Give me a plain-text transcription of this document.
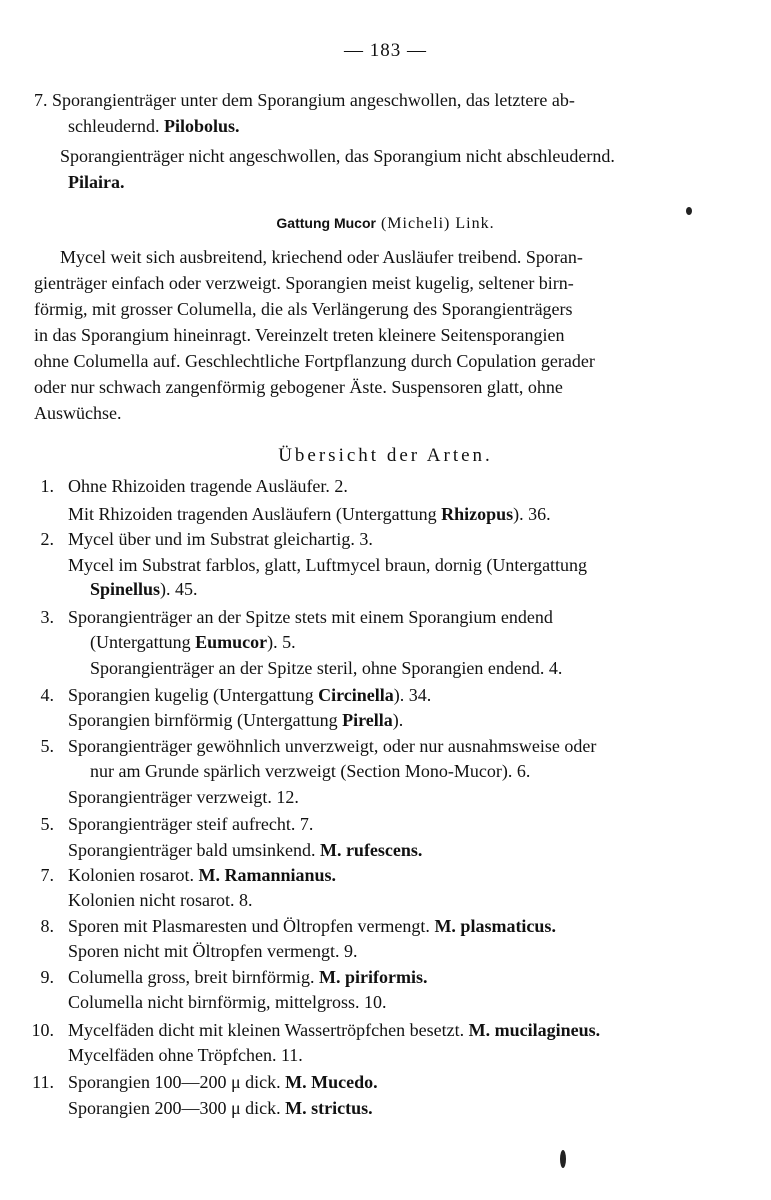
— 183 —
7. Sporangienträger unter dem Sporangium angeschwollen, das letztere ab-
schleudernd. Pilobolus.
Sporangienträger nicht angeschwollen, das Sporangium nicht abschleudernd.
Pilaira.
Gattung Mucor (Micheli) Link.
Mycel weit sich ausbreitend, kriechend oder Ausläufer treibend. Sporan-
gienträger einfach oder verzweigt. Sporangien meist kugelig, seltener birn-
förmig, mit grosser Columella, die als Verlängerung des Sporangienträgers
in das Sporangium hineinragt. Vereinzelt treten kleinere Seitensporangien
ohne Columella auf. Geschlechtliche Fortpflanzung durch Copulation gerader
oder nur schwach zangenförmig gebogener Äste. Suspensoren glatt, ohne
Auswüchse.
Übersicht der Arten.
1. Ohne Rhizoiden tragende Ausläufer. 2.
Mit Rhizoiden tragenden Ausläufern (Untergattung Rhizopus). 36.
2. Mycel über und im Substrat gleichartig. 3.
Mycel im Substrat farblos, glatt, Luftmycel braun, dornig (Untergattung
Spinellus). 45.
3. Sporangienträger an der Spitze stets mit einem Sporangium endend
(Untergattung Eumucor). 5.
Sporangienträger an der Spitze steril, ohne Sporangien endend. 4.
4. Sporangien kugelig (Untergattung Circinella). 34.
Sporangien birnförmig (Untergattung Pirella).
5. Sporangienträger gewöhnlich unverzweigt, oder nur ausnahmsweise oder
nur am Grunde spärlich verzweigt (Section Mono-Mucor). 6.
Sporangienträger verzweigt. 12.
5. Sporangienträger steif aufrecht. 7.
Sporangienträger bald umsinkend. M. rufescens.
7. Kolonien rosarot. M. Ramannianus.
Kolonien nicht rosarot. 8.
8. Sporen mit Plasmaresten und Öltropfen vermengt. M. plasmaticus.
Sporen nicht mit Öltropfen vermengt. 9.
9. Columella gross, breit birnförmig. M. piriformis.
Columella nicht birnförmig, mittelgross. 10.
10. Mycelfäden dicht mit kleinen Wassertröpfchen besetzt. M. mucilagineus.
Mycelfäden ohne Tröpfchen. 11.
11. Sporangien 100—200 μ dick. M. Mucedo.
Sporangien 200—300 μ dick. M. strictus.
